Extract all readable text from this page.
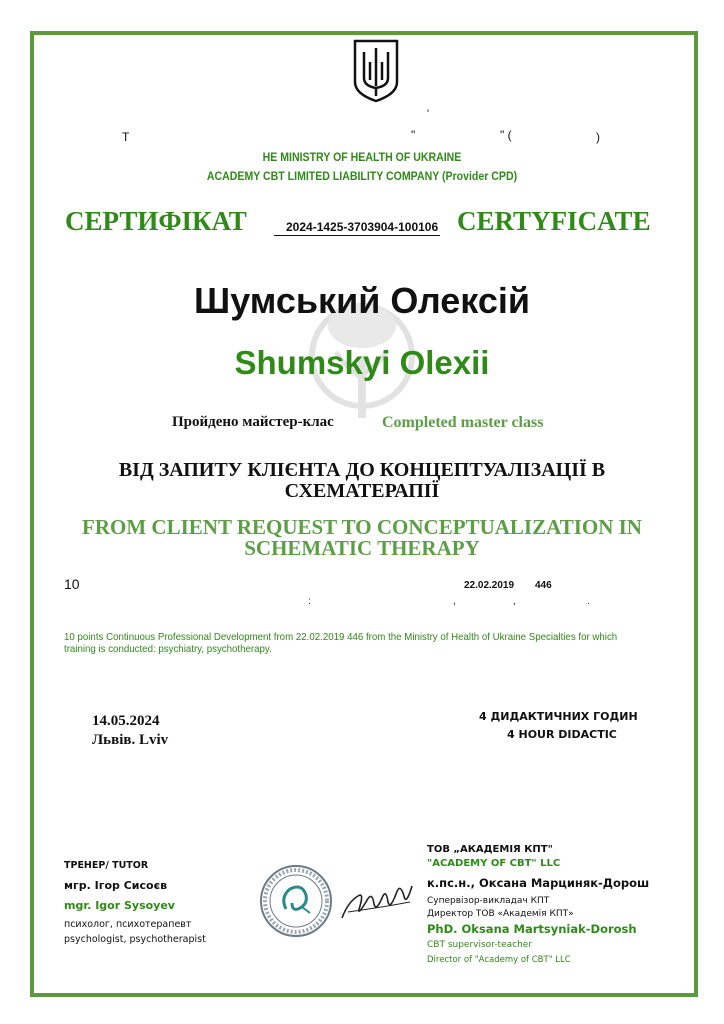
'
Т	"	" (	)
HE MINISTRY OF HEALTH OF UKRAINE
ACADEMY CBT LIMITED LIABILITY COMPANY (Provider CPD)
СЕРТИФІКАТ	2024-1425-3703904-100106 CERTYFICATE
Шумський Олексій
Shumskyi Olexii
Пройдено майстер-клас	Completed master class
ВІД ЗАПИТУ КЛІЄНТА ДО КОНЦЕПТУАЛІЗАЦІЇ В СХЕМАТЕРАПІЇ
FROM CLIENT REQUEST TO CONCEPTUALIZATION IN SCHEMATIC THERAPY
10	22.02.2019 446
:	,	,	.
10 points Continuous Professional Development from 22.02.2019 446 from the Ministry of Health of Ukraine Specialties for which training is conducted: psychiatry, psychotherapy.
14.05.2024
Львів. Lviv
4 ДИДАКТИЧНИХ ГОДИН
4 HOUR DIDACTIC
ТРЕНЕР/ TUTOR
мгр. Ігор Сисоєв
mgr. Igor Sysoyev
психолог, психотерапевт
psychologist, psychotherapist
ТОВ „АКАДЕМІЯ КПТ"
"ACADEMY OF CBT" LLC
к.пс.н., Оксана Марциняк-Дорош
Супервізор-викладач КПТ
Директор ТОВ «Академія КПТ»
PhD. Oksana Martsyniak-Dorosh
CBT supervisor-teacher
Director of "Academy of CBT" LLC
